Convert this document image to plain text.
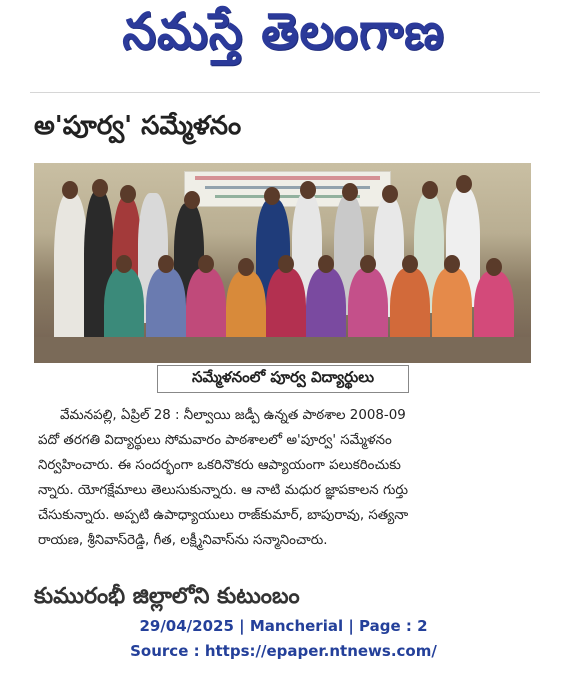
నమస్తే తెలంగాణ
అ'పూర్వ' సమ్మేళనం
సమ్మేళనంలో పూర్వ విద్యార్థులు
వేమనపల్లి, ఏప్రిల్ 28 : నీల్వాయి జడ్పీ ఉన్నత పాఠశాల 2008-09
పదో తరగతి విద్యార్థులు సోమవారం పాఠశాలలో అ'పూర్వ' సమ్మేళనం
నిర్వహించారు. ఈ సందర్భంగా ఒకరినొకరు ఆప్యాయంగా పలుకరించుకు
న్నారు. యోగక్షేమాలు తెలుసుకున్నారు. ఆ నాటి మధుర జ్ఞాపకాలన గుర్తు
చేసుకున్నారు. అప్పటి ఉపాధ్యాయులు రాజ్‌కుమార్, బాపురావు, సత్యనా
రాయణ, శ్రీనివాస్‌రెడ్డి, గీత, లక్ష్మీనివాస్‌ను సన్మానించారు.
కుమురంభీ జిల్లాలోని కుటుంబం
29/04/2025 | Mancherial | Page : 2
Source : https://epaper.ntnews.com/
